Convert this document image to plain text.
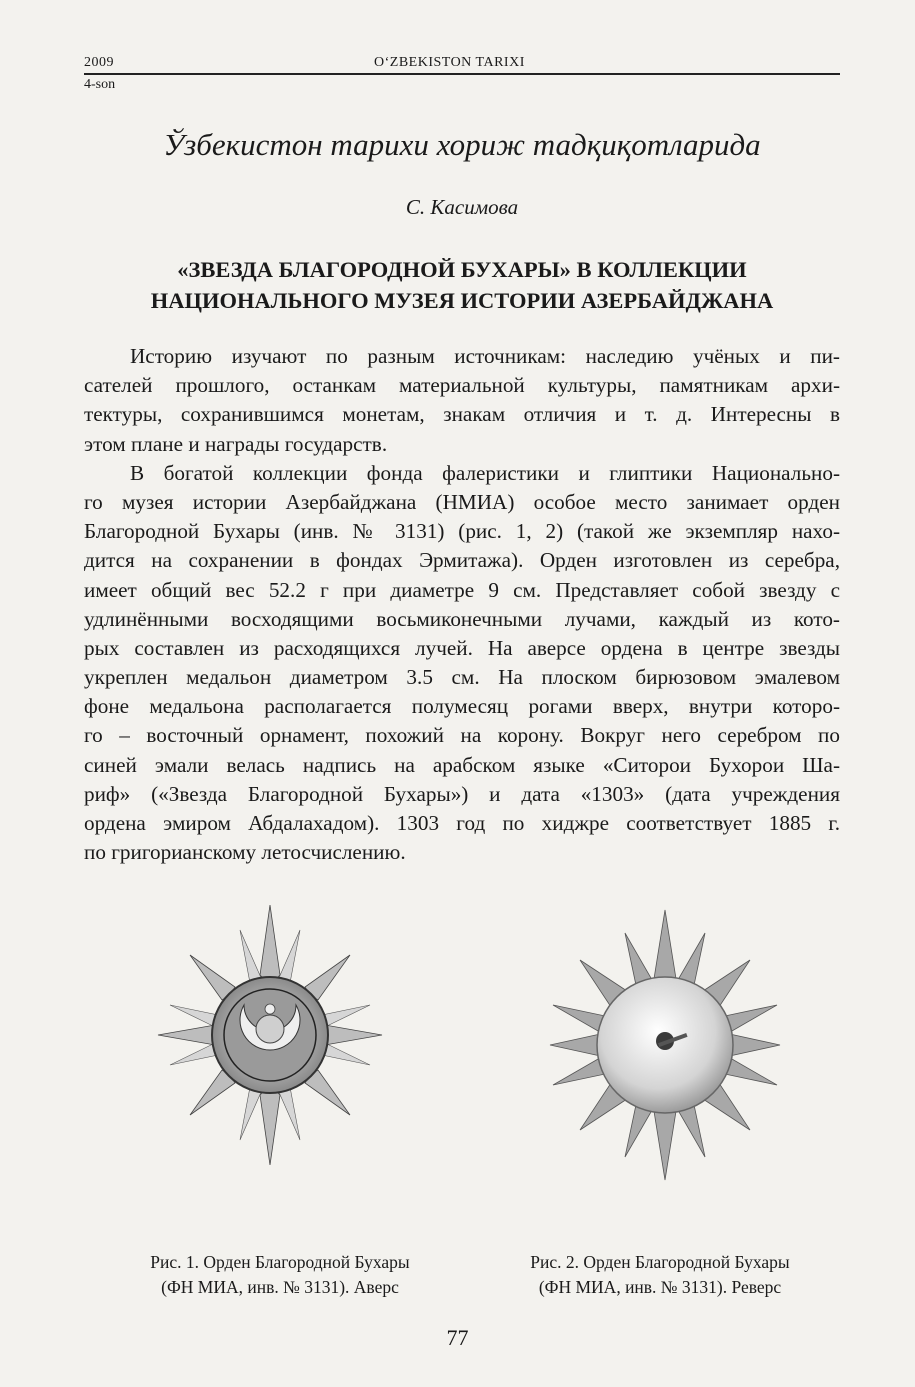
2009	O‘ZBEKISTON TARIXI
4-son
Ўзбекистон тарихи хориж тадқиқотларида
С. Касимова
«ЗВЕЗДА БЛАГОРОДНОЙ БУХАРЫ» В КОЛЛЕКЦИИ
НАЦИОНАЛЬНОГО МУЗЕЯ ИСТОРИИ АЗЕРБАЙДЖАНА
Историю изучают по разным источникам: наследию учёных и пи-
сателей прошлого, останкам материальной культуры, памятникам архи-
тектуры, сохранившимся монетам, знакам отличия и т. д. Интересны в
этом плане и награды государств.
В богатой коллекции фонда фалеристики и глиптики Национально-
го музея истории Азербайджана (НМИА) особое место занимает орден
Благородной Бухары (инв. № 3131) (рис. 1, 2) (такой же экземпляр нахо-
дится на сохранении в фондах Эрмитажа). Орден изготовлен из серебра,
имеет общий вес 52.2 г при диаметре 9 см. Представляет собой звезду с
удлинёнными восходящими восьмиконечными лучами, каждый из кото-
рых составлен из расходящихся лучей. На аверсе ордена в центре звезды
укреплен медальон диаметром 3.5 см. На плоском бирюзовом эмалевом
фоне медальона располагается полумесяц рогами вверх, внутри которо-
го – восточный орнамент, похожий на корону. Вокруг него серебром по
синей эмали велась надпись на арабском языке «Ситорои Бухорои Ша-
риф» («Звезда Благородной Бухары») и дата «1303» (дата учреждения
ордена эмиром Абдалахадом). 1303 год по хиджре соответствует 1885 г.
по григорианскому летосчислению.
Рис. 1. Орден Благородной Бухары
(ФН МИА, инв. № 3131). Аверс
Рис. 2. Орден Благородной Бухары
(ФН МИА, инв. № 3131). Реверс
77
